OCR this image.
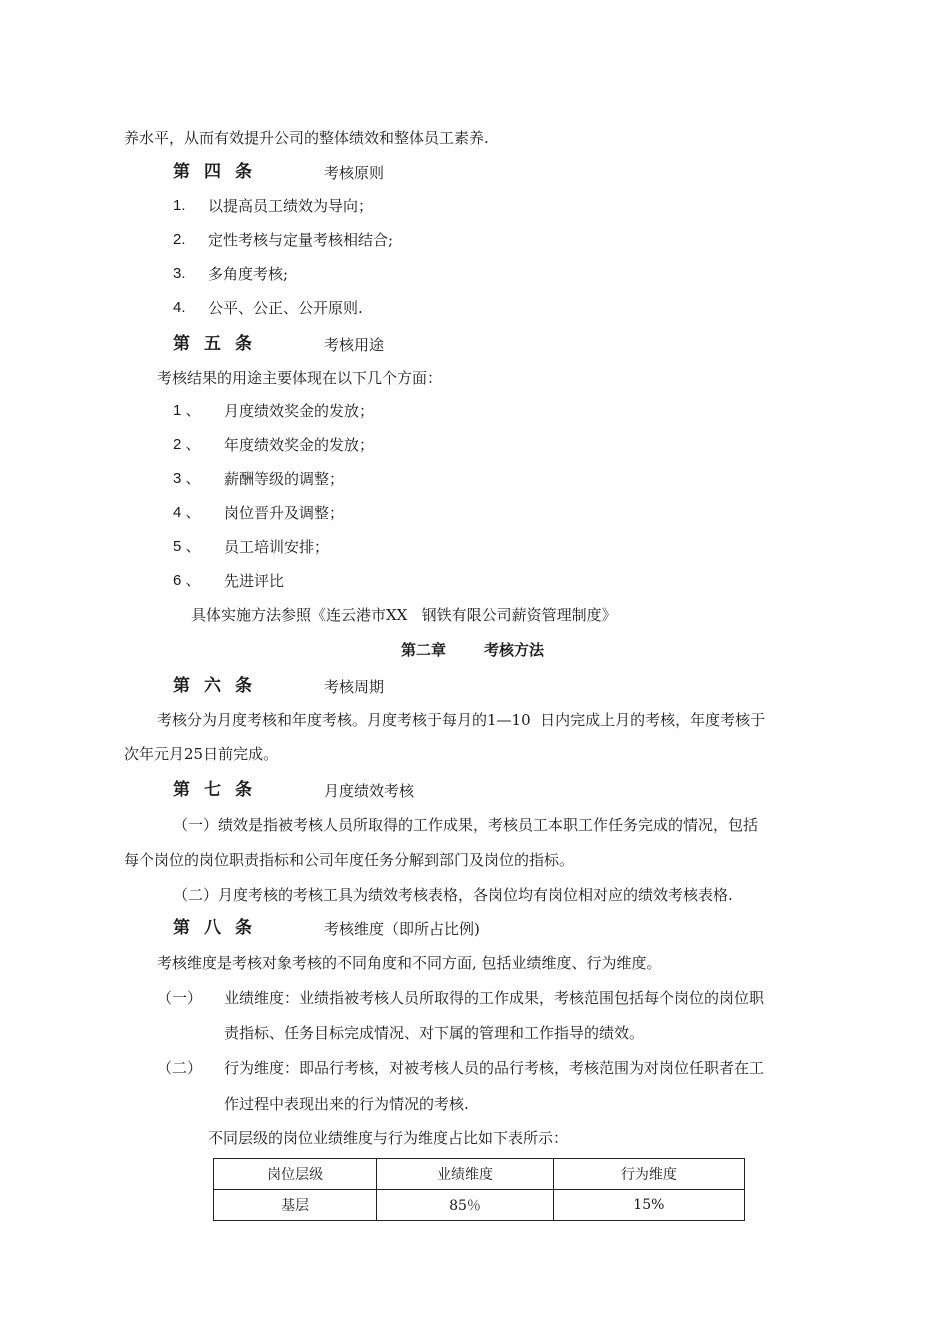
养水平，从而有效提升公司的整体绩效和整体员工素养.
第四条	考核原则
1. 以提高员工绩效为导向；
2. 定性考核与定量考核相结合;
3. 多角度考核;
4. 公平、公正、公开原则.
第五条	考核用途
考核结果的用途主要体现在以下几个方面：
1 、 月度绩效奖金的发放；
2 、 年度绩效奖金的发放；
3 、 薪酬等级的调整；
4 、 岗位晋升及调整；
5 、 员工培训安排；
6 、 先进评比
具体实施方法参照《连云港市XX   钢铁有限公司薪资管理制度》
第二章	考核方法
第六条	考核周期
考核分为月度考核和年度考核。月度考核于每月的1—10  日内完成上月的考核，年度考核于
次年元月25日前完成。
第七条	月度绩效考核
（一）绩效是指被考核人员所取得的工作成果，考核员工本职工作任务完成的情况，包括
每个岗位的岗位职责指标和公司年度任务分解到部门及岗位的指标。
（二）月度考核的考核工具为绩效考核表格，各岗位均有岗位相对应的绩效考核表格.
第八条	考核维度（即所占比例)
考核维度是考核对象考核的不同角度和不同方面, 包括业绩维度、行为维度。
（一） 业绩维度：业绩指被考核人员所取得的工作成果，考核范围包括每个岗位的岗位职
责指标、任务目标完成情况、对下属的管理和工作指导的绩效。
（二） 行为维度：即品行考核，对被考核人员的品行考核，考核范围为对岗位任职者在工
作过程中表现出来的行为情况的考核.
不同层级的岗位业绩维度与行为维度占比如下表所示：
岗位层级	业绩维度	行为维度
基层	85％	15%
